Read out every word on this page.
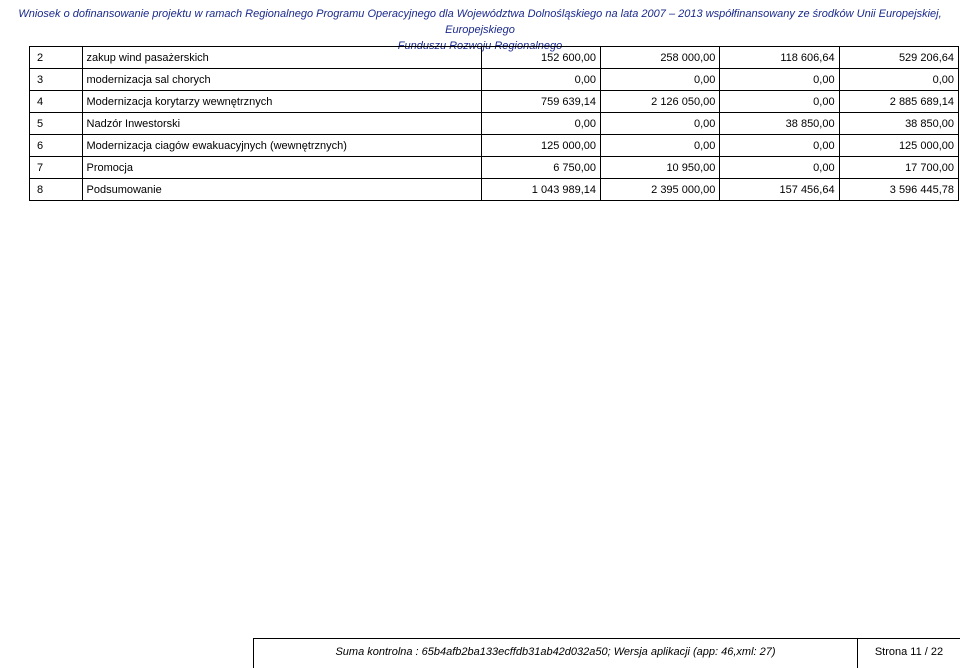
Wniosek o dofinansowanie projektu w ramach Regionalnego Programu Operacyjnego dla Województwa Dolnośląskiego na lata 2007 – 2013 współfinansowany ze środków Unii Europejskiej, Europejskiego
Funduszu Rozwoju Regionalnego
2	zakup wind pasażerskich	152 600,00	258 000,00	118 606,64	529 206,64
3	modernizacja sal chorych	0,00	0,00	0,00	0,00
4	Modernizacja korytarzy wewnętrznych	759 639,14	2 126 050,00	0,00	2 885 689,14
5	Nadzór Inwestorski	0,00	0,00	38 850,00	38 850,00
6	Modernizacja ciagów ewakuacyjnych (wewnętrznych)	125 000,00	0,00	0,00	125 000,00
7	Promocja	6 750,00	10 950,00	0,00	17 700,00
8	Podsumowanie	1 043 989,14	2 395 000,00	157 456,64	3 596 445,78
Suma kontrolna : 65b4afb2ba133ecffdb31ab42d032a50; Wersja aplikacji (app: 46,xml: 27)	Strona 11 / 22
